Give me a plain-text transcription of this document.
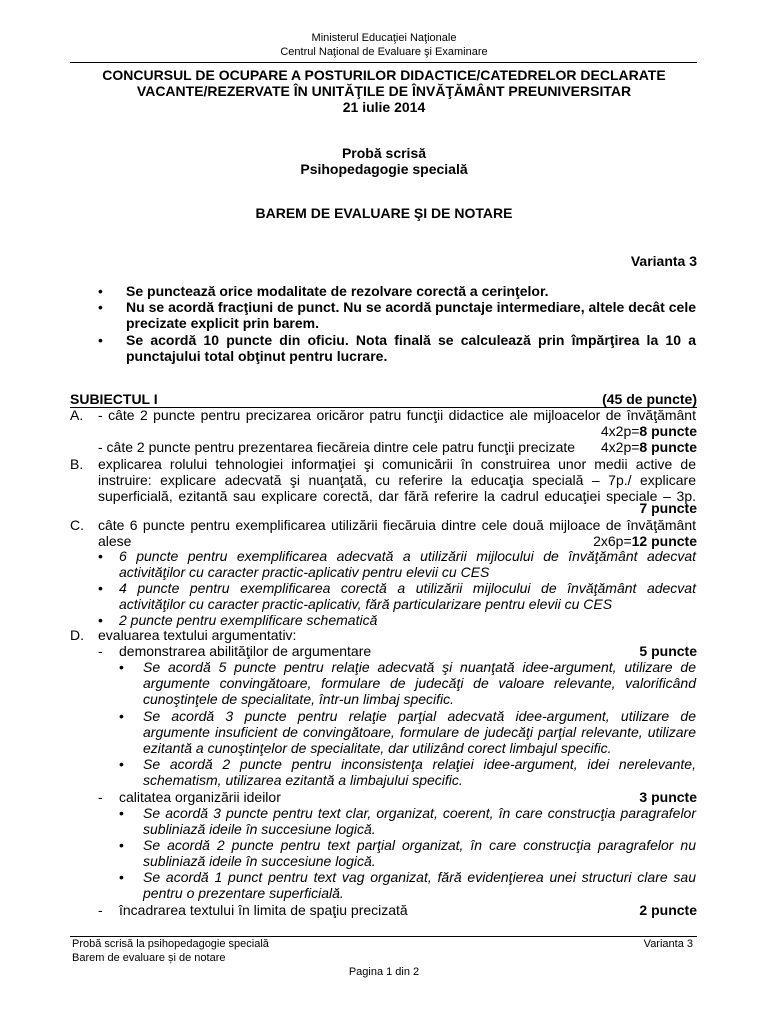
Ministerul Educaţiei Naţionale
Centrul Naţional de Evaluare şi Examinare
CONCURSUL DE OCUPARE A POSTURILOR DIDACTICE/CATEDRELOR DECLARATE
VACANTE/REZERVATE ÎN UNITĂŢILE DE ÎNVĂŢĂMÂNT PREUNIVERSITAR
21 iulie 2014
Probă scrisă
Psihopedagogie specială
BAREM DE EVALUARE ŞI DE NOTARE
Varianta 3
• Se punctează orice modalitate de rezolvare corectă a cerinţelor.
• Nu se acordă fracţiuni de punct. Nu se acordă punctaje intermediare, altele decât cele
precizate explicit prin barem.
• Se acordă 10 puncte din oficiu. Nota finală se calculează prin împărţirea la 10 a
punctajului total obţinut pentru lucrare.
SUBIECTUL I	(45 de puncte)
A. - câte 2 puncte pentru precizarea oricăror patru funcţii didactice ale mijloacelor de învăţământ
4x2p=8 puncte
- câte 2 puncte pentru prezentarea fiecăreia dintre cele patru funcţii precizate 4x2p=8 puncte
B. explicarea rolului tehnologiei informaţiei şi comunicării în construirea unor medii active de
instruire: explicare adecvată şi nuanţată, cu referire la educaţia specială – 7p./ explicare
superficială, ezitantă sau explicare corectă, dar fără referire la cadrul educaţiei speciale – 3p.
7 puncte
C. câte 6 puncte pentru exemplificarea utilizării fiecăruia dintre cele două mijloace de învăţământ
alese	2x6p=12 puncte
• 6 puncte pentru exemplificarea adecvată a utilizării mijlocului de învăţământ adecvat
activităţilor cu caracter practic-aplicativ pentru elevii cu CES
• 4 puncte pentru exemplificarea corectă a utilizării mijlocului de învăţământ adecvat
activităţilor cu caracter practic-aplicativ, fără particularizare pentru elevii cu CES
• 2 puncte pentru exemplificare schematică
D. evaluarea textului argumentativ:
- demonstrarea abilităţilor de argumentare	5 puncte
• Se acordă 5 puncte pentru relaţie adecvată şi nuanţată idee-argument, utilizare de
argumente convingătoare, formulare de judecăţi de valoare relevante, valorificând
cunoştinţele de specialitate, într-un limbaj specific.
• Se acordă 3 puncte pentru relaţie parţial adecvată idee-argument, utilizare de
argumente insuficient de convingătoare, formulare de judecăţi parţial relevante, utilizare
ezitantă a cunoştinţelor de specialitate, dar utilizând corect limbajul specific.
• Se acordă 2 puncte pentru inconsistenţa relaţiei idee-argument, idei nerelevante,
schematism, utilizarea ezitantă a limbajului specific.
- calitatea organizării ideilor	3 puncte
• Se acordă 3 puncte pentru text clar, organizat, coerent, în care construcţia paragrafelor
subliniază ideile în succesiune logică.
• Se acordă 2 puncte pentru text parţial organizat, în care construcţia paragrafelor nu
subliniază ideile în succesiune logică.
• Se acordă 1 punct pentru text vag organizat, fără evidenţierea unei structuri clare sau
pentru o prezentare superficială.
- încadrarea textului în limita de spaţiu precizată	2 puncte
Probă scrisă la psihopedagogie specială	Varianta 3
Barem de evaluare și de notare
Pagina 1 din 2
